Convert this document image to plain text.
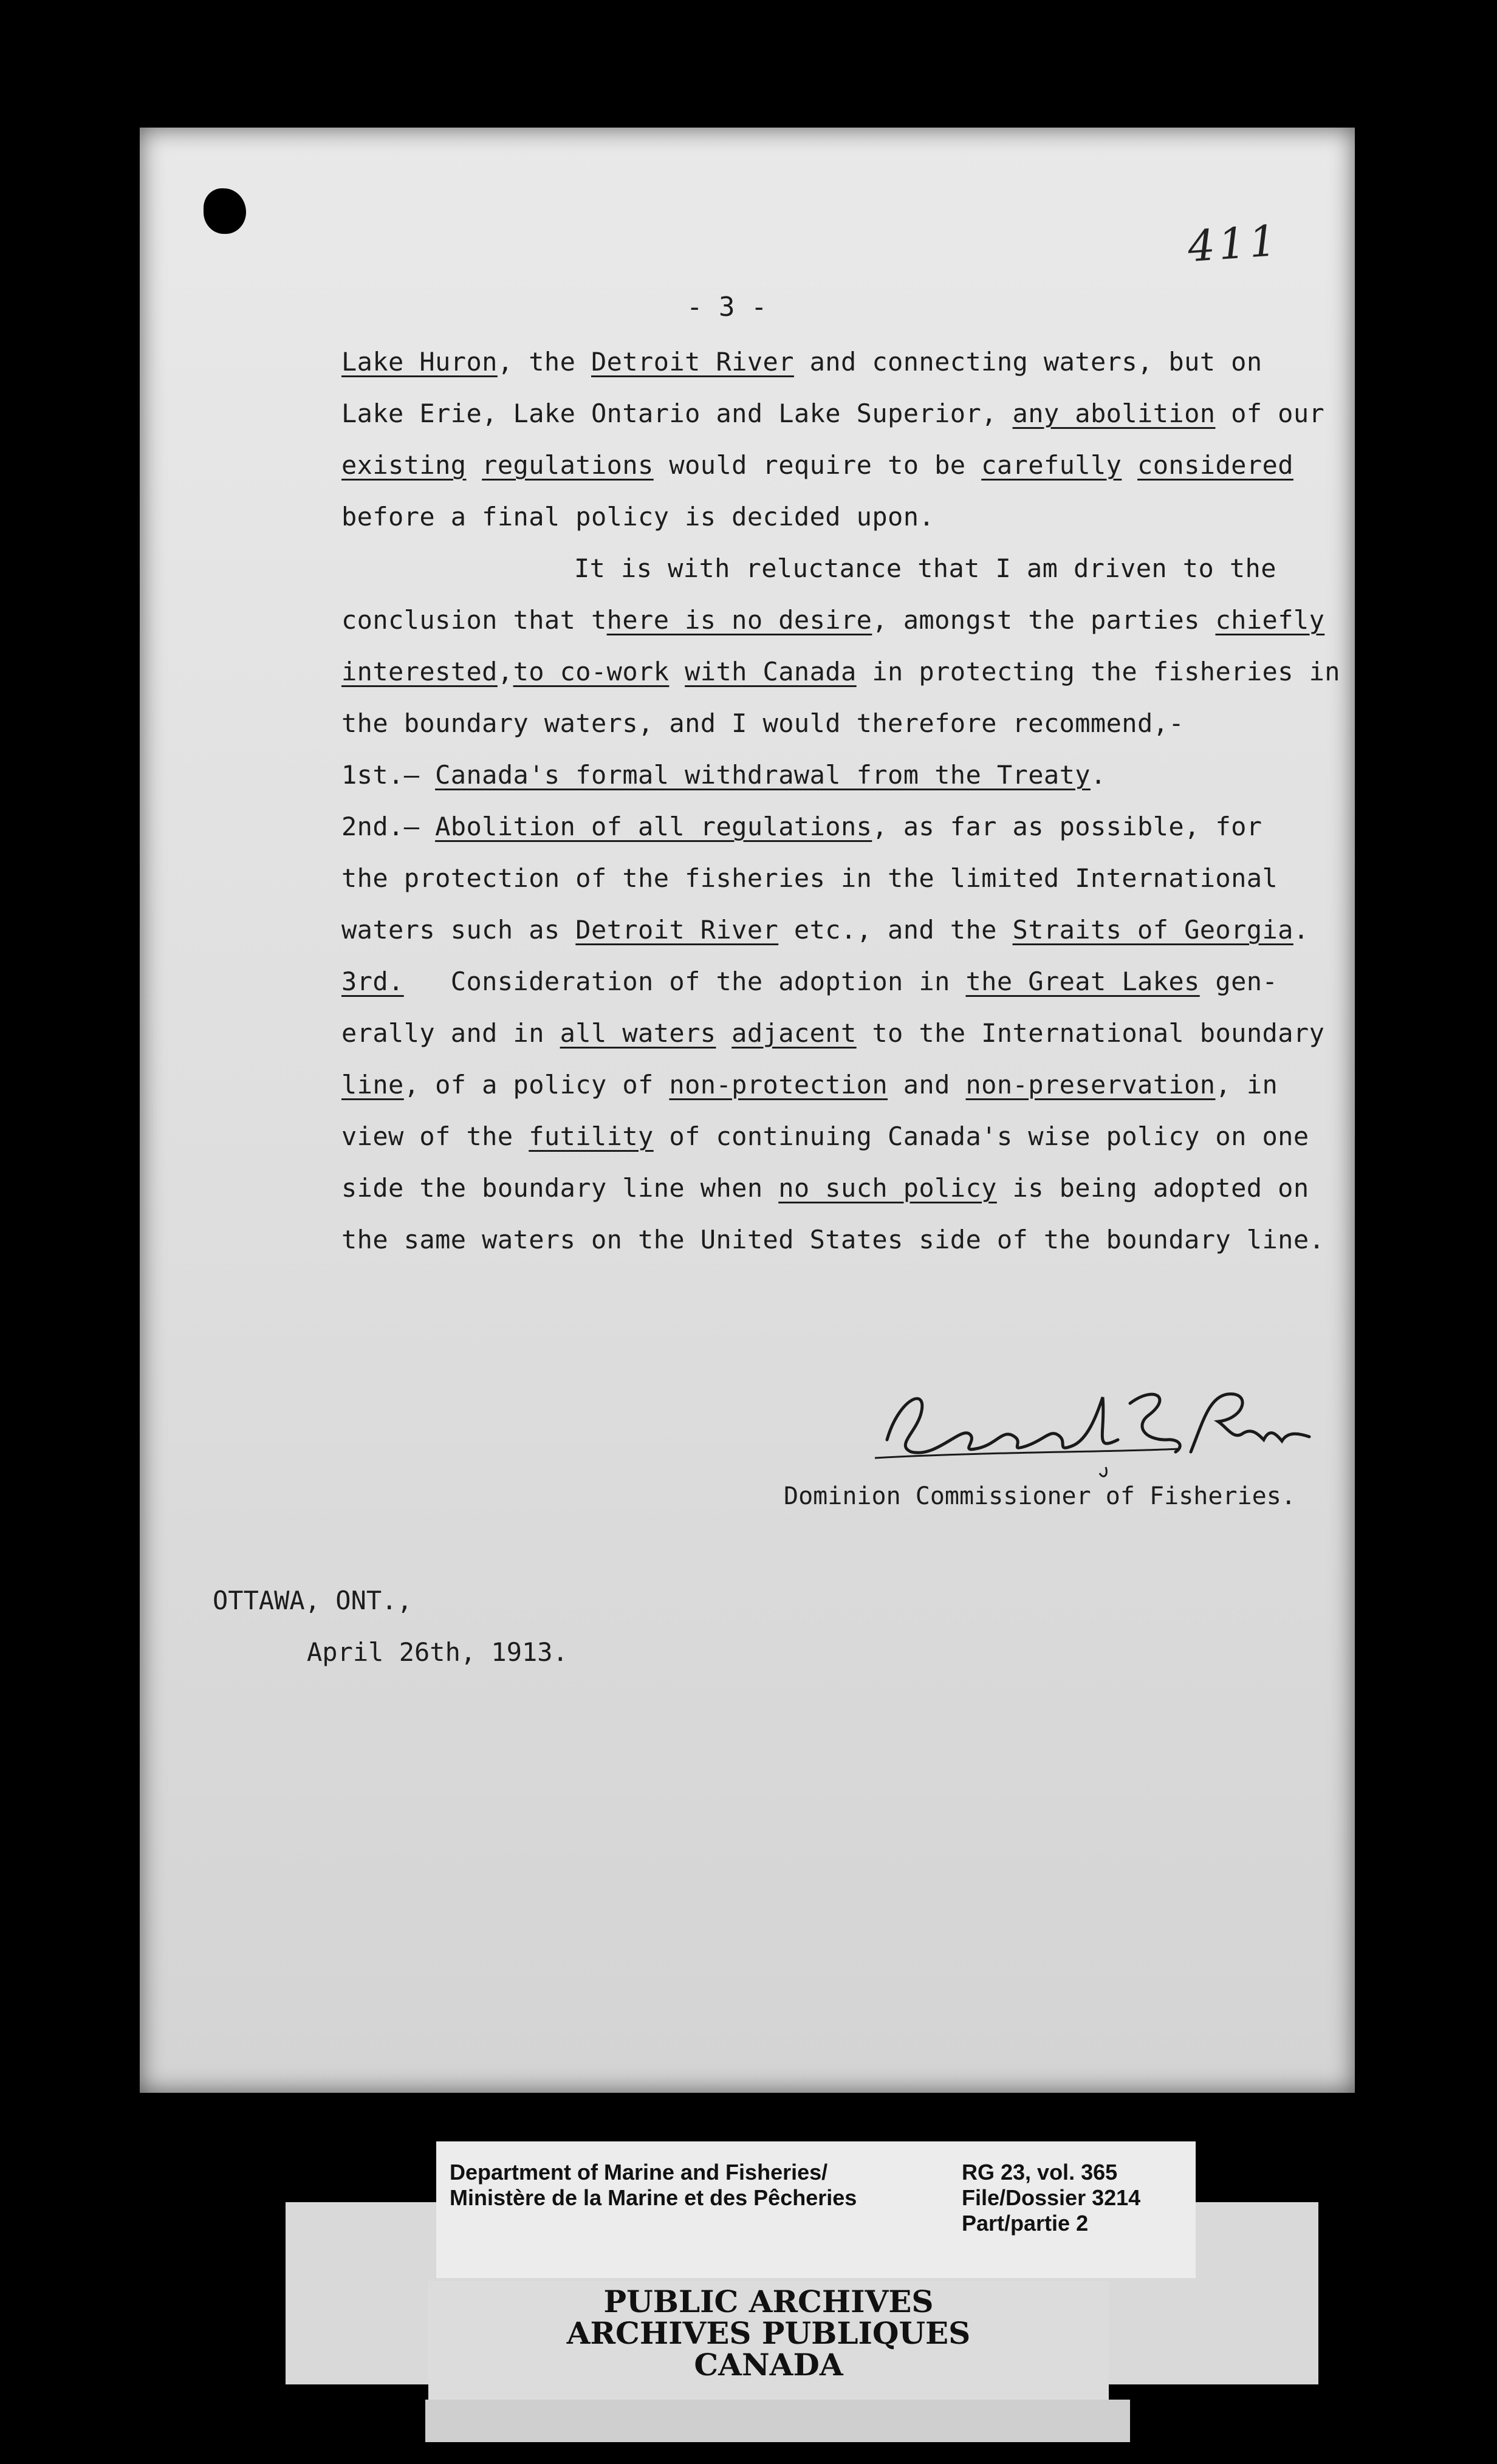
411
- 3 -
Lake Huron, the Detroit River and connecting waters, but on
Lake Erie, Lake Ontario and Lake Superior, any abolition of our
existing regulations would require to be carefully considered
before a final policy is decided upon.
It is with reluctance that I am driven to the
conclusion that there is no desire, amongst the parties chiefly
interested,to co-work with Canada in protecting the fisheries in
the boundary waters, and I would therefore recommend,-
1st.— Canada's formal withdrawal from the Treaty.
2nd.— Abolition of all regulations, as far as possible, for
the protection of the fisheries in the limited International
waters such as Detroit River etc., and the Straits of Georgia.
3rd.   Consideration of the adoption in the Great Lakes gen-
erally and in all waters adjacent to the International boundary
line, of a policy of non-protection and non-preservation, in
view of the futility of continuing Canada's wise policy on one
side the boundary line when no such policy is being adopted on
the same waters on the United States side of the boundary line.
Dominion Commissioner of Fisheries.
OTTAWA, ONT.,
April 26th, 1913.
Department of Marine and Fisheries/
Ministère de la Marine et des Pêcheries
RG 23, vol. 365
File/Dossier 3214
Part/partie 2
PUBLIC ARCHIVES
ARCHIVES PUBLIQUES
CANADA
